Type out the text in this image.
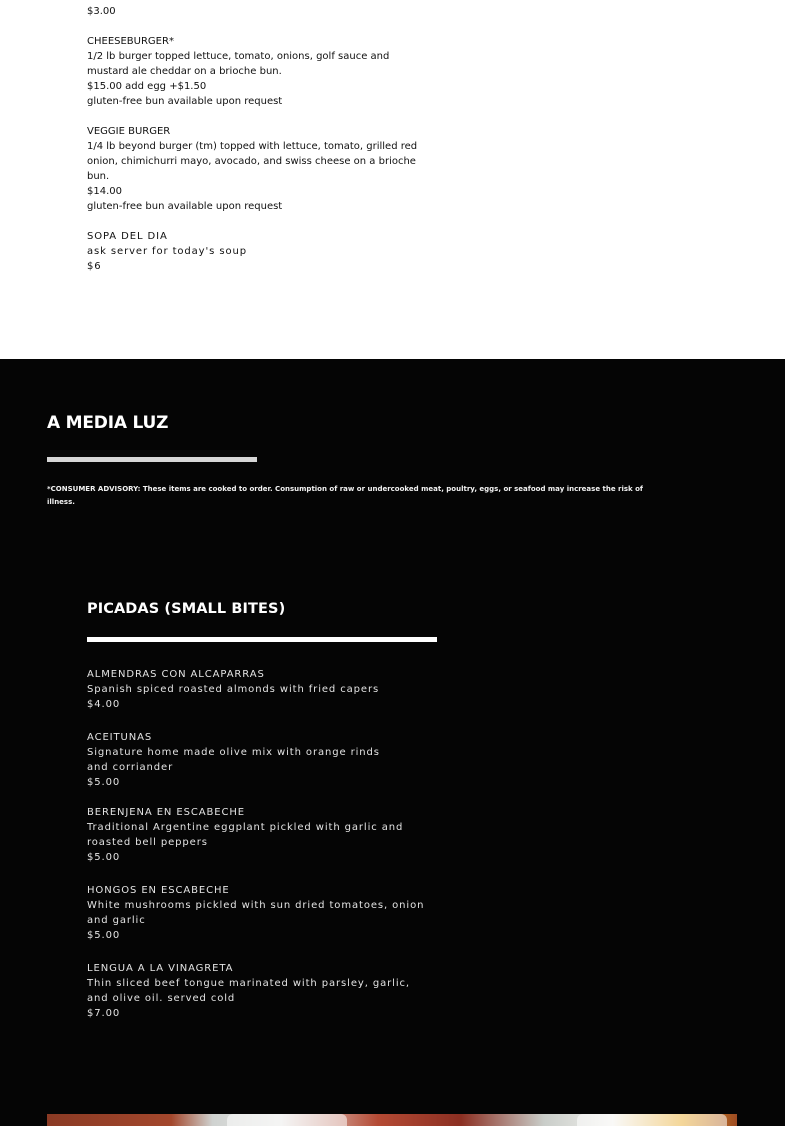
$3.00
CHEESEBURGER*
1/2 lb burger topped lettuce, tomato, onions, golf sauce and mustard ale cheddar on a brioche bun.
$15.00 add egg +$1.50
gluten-free bun available upon request
VEGGIE BURGER
1/4 lb beyond burger (tm) topped with lettuce, tomato, grilled red onion, chimichurri mayo, avocado, and swiss cheese on a brioche bun.
$14.00
gluten-free bun available upon request
SOPA DEL DIA
ask server for today's soup
$6
A MEDIA LUZ

*CONSUMER ADVISORY: These items are cooked to order. Consumption of raw or undercooked meat, poultry, eggs, or seafood may increase the risk of illness.

PICADAS (SMALL BITES)
ALMENDRAS CON ALCAPARRAS
Spanish spiced roasted almonds with fried capers
$4.00
ACEITUNAS
Signature home made olive mix with orange rinds and corriander
$5.00
BERENJENA EN ESCABECHE
Traditional Argentine eggplant pickled with garlic and roasted bell peppers
$5.00
HONGOS EN ESCABECHE
White mushrooms pickled with sun dried tomatoes, onion and garlic
$5.00
LENGUA A LA VINAGRETA
Thin sliced beef tongue marinated with parsley, garlic, and olive oil. served cold
$7.00
